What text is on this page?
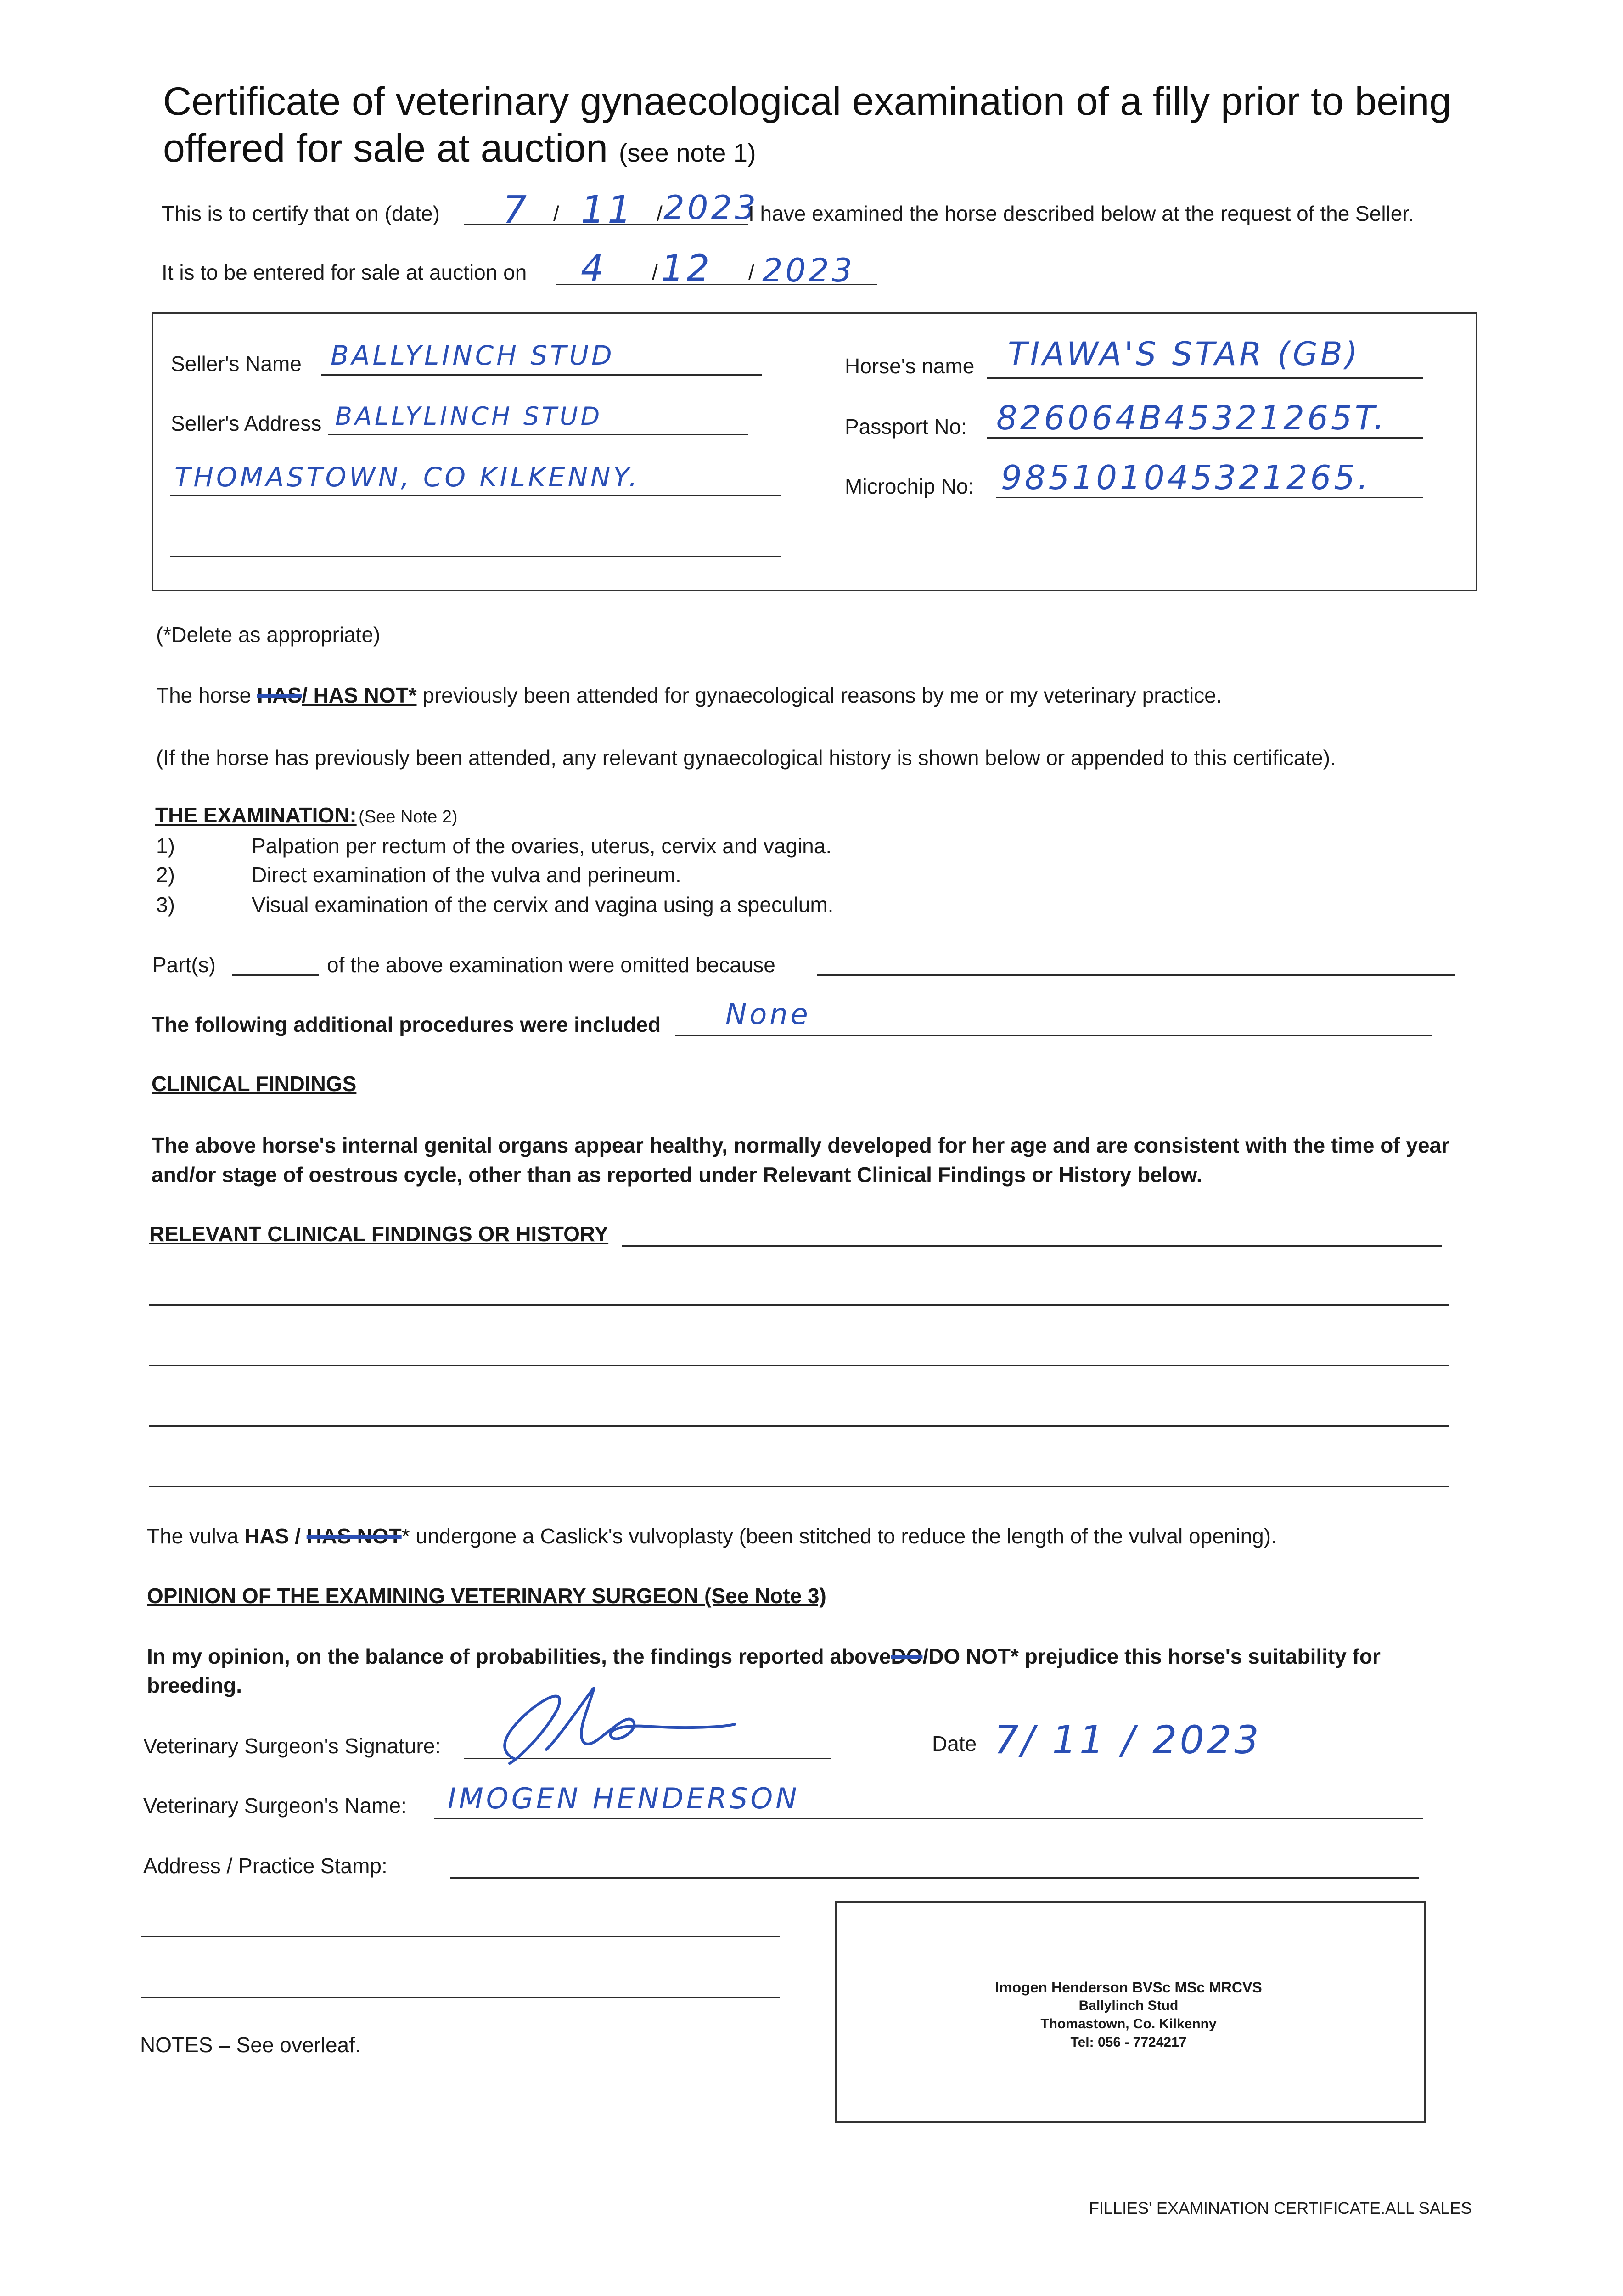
Certificate of veterinary gynaecological examination of a filly prior to being offered for sale at auction (see note 1)
This is to certify that on (date) 7 / 11 / 2023
I have examined the horse described below at the request of the Seller.
It is to be entered for sale at auction on 4 / 12 / 2023
Seller's Name BALLYLINCH STUD
Seller's Address BALLYLINCH STUD
THOMASTOWN, CO KILKENNY.
Horse's name TIAWA'S STAR (GB)
Passport No: 826064B45321265T.
Microchip No: 985101045321265.
(*Delete as appropriate)
The horse HAS/ HAS NOT* previously been attended for gynaecological reasons by me or my veterinary practice.
(If the horse has previously been attended, any relevant gynaecological history is shown below or appended to this certificate).
THE EXAMINATION: (See Note 2)
1)	Palpation per rectum of the ovaries, uterus, cervix and vagina.
2)	Direct examination of the vulva and perineum.
3)	Visual examination of the cervix and vagina using a speculum.
Part(s)	of the above examination were omitted because
The following additional procedures were included None
CLINICAL FINDINGS
The above horse's internal genital organs appear healthy, normally developed for her age and are consistent with the time of year and/or stage of oestrous cycle, other than as reported under Relevant Clinical Findings or History below.
RELEVANT CLINICAL FINDINGS OR HISTORY
The vulva HAS / HAS NOT* undergone a Caslick's vulvoplasty (been stitched to reduce the length of the vulval opening).
OPINION OF THE EXAMINING VETERINARY SURGEON (See Note 3)
In my opinion, on the balance of probabilities, the findings reported aboveDO/DO NOT* prejudice this horse's suitability for
breeding.
Veterinary Surgeon's Signature:	Date 7/ 11 / 2023
Veterinary Surgeon's Name: IMOGEN HENDERSON
Address / Practice Stamp:
Imogen Henderson BVSc MSc MRCVS
Ballylinch Stud
Thomastown, Co. Kilkenny
Tel: 056 - 7724217
NOTES – See overleaf.
FILLIES' EXAMINATION CERTIFICATE.ALL SALES
